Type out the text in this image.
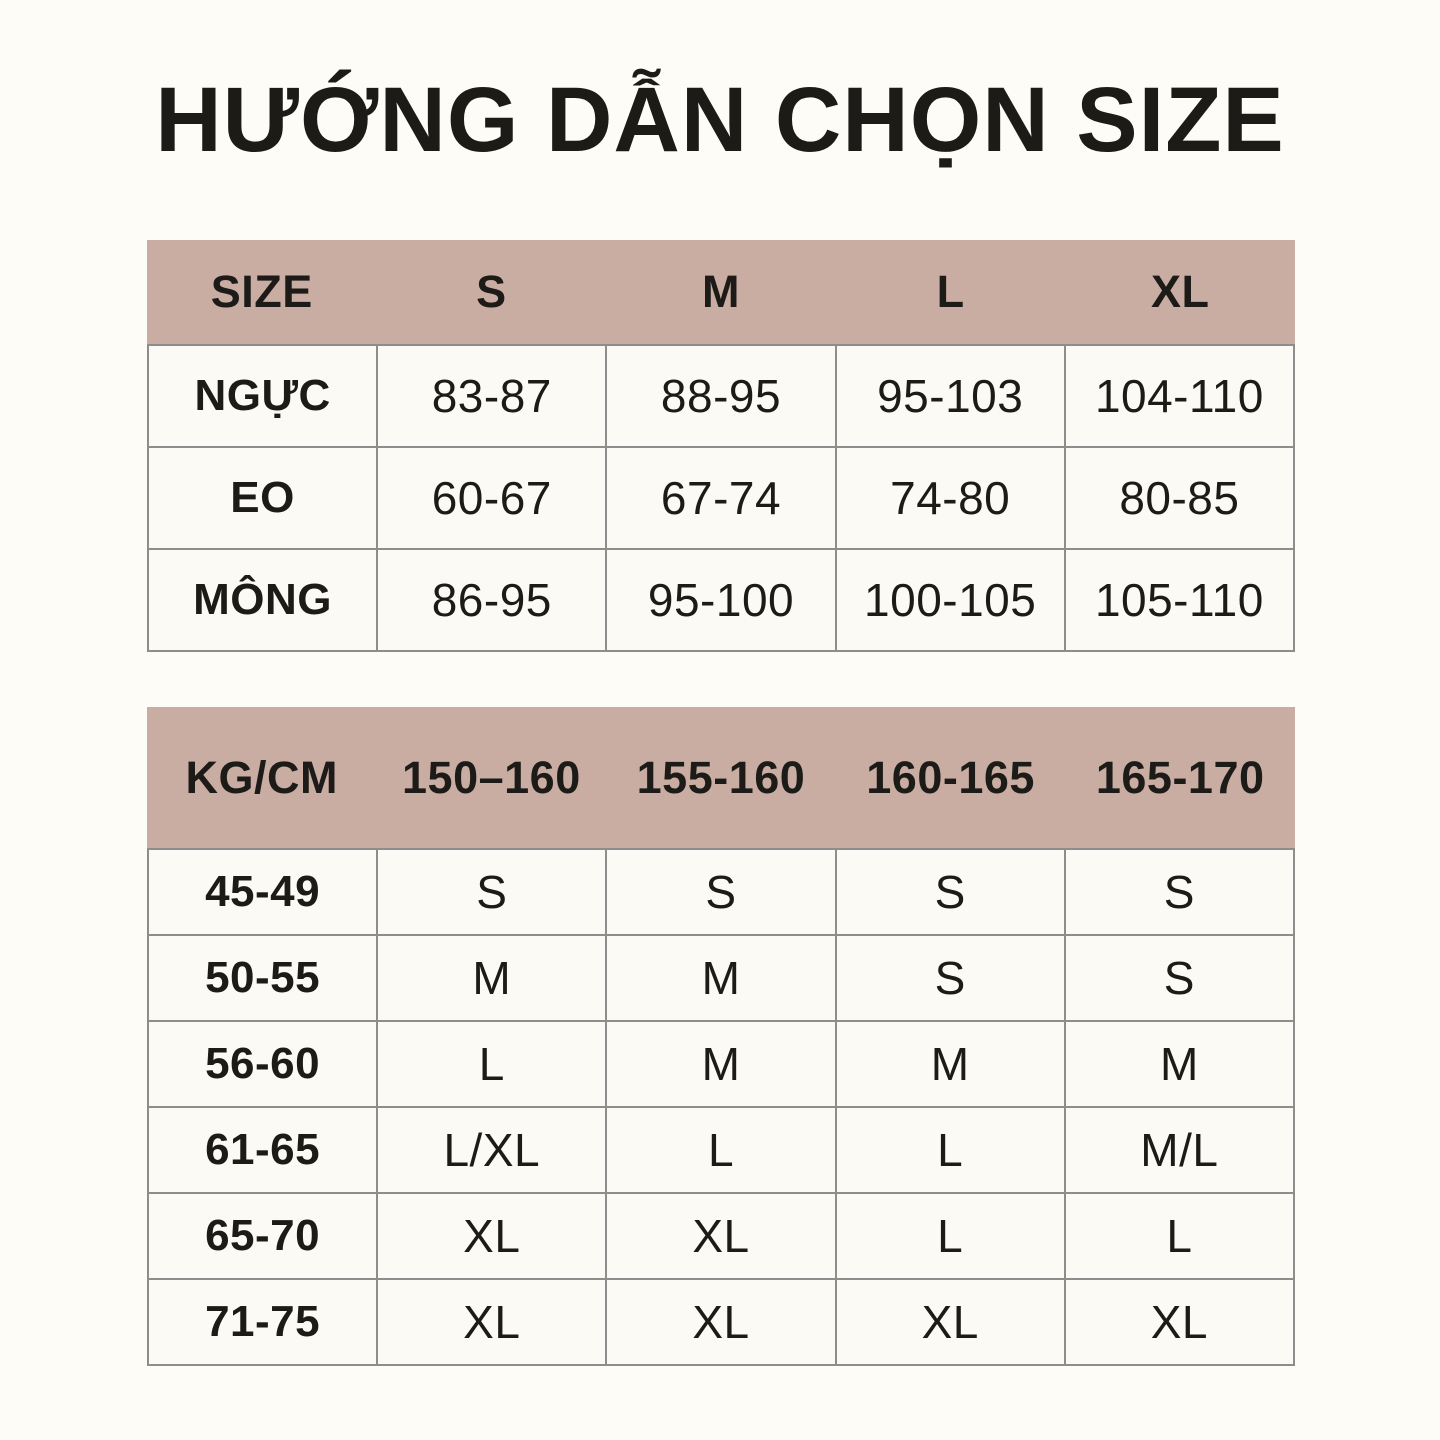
HƯỚNG DẪN CHỌN SIZE
SIZE	S	M	L	XL
NGỰC	83-87	88-95	95-103	104-110
EO	60-67	67-74	74-80	80-85
MÔNG	86-95	95-100	100-105	105-110
KG/CM	150–160	155-160	160-165	165-170
45-49	S	S	S	S
50-55	M	M	S	S
56-60	L	M	M	M
61-65	L/XL	L	L	M/L
65-70	XL	XL	L	L
71-75	XL	XL	XL	XL
